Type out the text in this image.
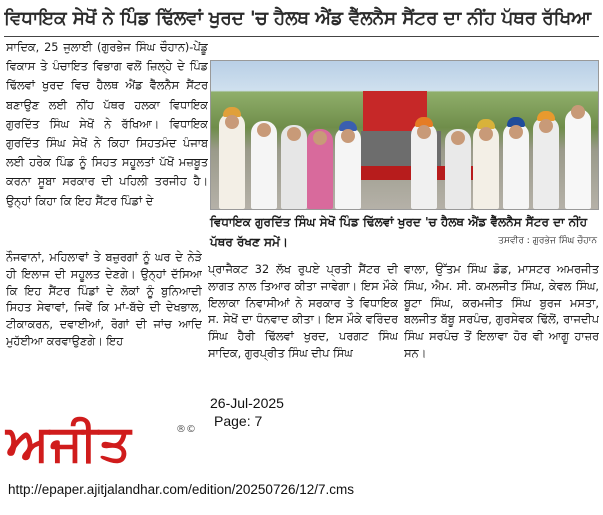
ਵਿਧਾਇਕ ਸੇਖੋਂ ਨੇ ਪਿੰਡ ਢਿੱਲਵਾਂ ਖੁਰਦ 'ਚ ਹੈਲਥ ਐਂਡ ਵੈੱਲਨੈਸ ਸੈਂਟਰ ਦਾ ਨੀਂਹ ਪੱਥਰ ਰੱਖਿਆ

ਸਾਦਿਕ, 25 ਜੁਲਾਈ (ਗੁਰਭੇਜ ਸਿੰਘ ਚੌਹਾਨ)-ਪੇਂਡੂ ਵਿਕਾਸ ਤੇ ਪੰਚਾਇਤ ਵਿਭਾਗ ਵਲੋਂ ਜ਼ਿਲ੍ਹੇ ਦੇ ਪਿੰਡ ਢਿੱਲਵਾਂ ਖੁਰਦ ਵਿਚ ਹੈਲਥ ਐਂਡ ਵੈੱਲਨੈਸ ਸੈਂਟਰ ਬਣਾਉਣ ਲਈ ਨੀਂਹ ਪੱਥਰ ਹਲਕਾ ਵਿਧਾਇਕ ਗੁਰਦਿੱਤ ਸਿੰਘ ਸੇਖੋਂ ਨੇ ਰੱਖਿਆ। ਵਿਧਾਇਕ ਗੁਰਦਿੱਤ ਸਿੰਘ ਸੇਖੋਂ ਨੇ ਕਿਹਾ ਸਿਹਤਮੰਦ ਪੰਜਾਬ ਲਈ ਹਰੇਕ ਪਿੰਡ ਨੂੰ ਸਿਹਤ ਸਹੂਲਤਾਂ ਪੱਖੋਂ ਮਜ਼ਬੂਤ ਕਰਨਾ ਸੂਬਾ ਸਰਕਾਰ ਦੀ ਪਹਿਲੀ ਤਰਜੀਹ ਹੈ। ਉਨ੍ਹਾਂ ਕਿਹਾ ਕਿ ਇਹ ਸੈਂਟਰ ਪਿੰਡਾਂ ਦੇ

ਵਿਧਾਇਕ ਗੁਰਦਿੱਤ ਸਿੰਘ ਸੇਖੋਂ ਪਿੰਡ ਢਿੱਲਵਾਂ ਖੁਰਦ 'ਚ ਹੈਲਥ ਐਂਡ ਵੈੱਲਨੈਸ ਸੈਂਟਰ ਦਾ ਨੀਂਹ ਪੱਥਰ ਰੱਖਣ ਸਮੇਂ।	ਤਸਵੀਰ : ਗੁਰਭੇਜ ਸਿੰਘ ਚੌਹਾਨ
ਨੌਜਵਾਨਾਂ, ਮਹਿਲਾਵਾਂ ਤੇ ਬਜ਼ੁਰਗਾਂ ਨੂੰ ਘਰ ਦੇ ਨੇੜੇ ਹੀ ਇਲਾਜ ਦੀ ਸਹੂਲਤ ਦੇਣਗੇ। ਉਨ੍ਹਾਂ ਦੱਸਿਆ ਕਿ ਇਹ ਸੈਂਟਰ ਪਿੰਡਾਂ ਦੇ ਲੋਕਾਂ ਨੂੰ ਬੁਨਿਆਦੀ ਸਿਹਤ ਸੇਵਾਵਾਂ, ਜਿਵੇਂ ਕਿ ਮਾਂ-ਬੱਚੇ ਦੀ ਦੇਖਭਾਲ, ਟੀਕਾਕਰਨ, ਦਵਾਈਆਂ, ਰੋਗਾਂ ਦੀ ਜਾਂਚ ਆਦਿ ਮੁਹੱਈਆ ਕਰਵਾਉਣਗੇ। ਇਹ
ਪ੍ਰਾਜੈਕਟ 32 ਲੱਖ ਰੁਪਏ ਪ੍ਰਤੀ ਸੈਂਟਰ ਦੀ ਲਾਗਤ ਨਾਲ ਤਿਆਰ ਕੀਤਾ ਜਾਵੇਗਾ। ਇਸ ਮੌਕੇ ਇਲਾਕਾ ਨਿਵਾਸੀਆਂ ਨੇ ਸਰਕਾਰ ਤੇ ਵਿਧਾਇਕ ਸ. ਸੇਖੋਂ ਦਾ ਧੰਨਵਾਦ ਕੀਤਾ। ਇਸ ਮੌਕੇ ਵਰਿੰਦਰ ਸਿੰਘ ਹੈਰੀ ਢਿੱਲਵਾਂ ਖੁਰਦ, ਪਰਗਟ ਸਿੰਘ ਸਾਦਿਕ, ਗੁਰਪ੍ਰੀਤ ਸਿੰਘ ਦੀਪ ਸਿੰਘ
ਵਾਲਾ, ਉੱਤਮ ਸਿੰਘ ਡੋਡ, ਮਾਸਟਰ ਅਮਰਜੀਤ ਸਿੰਘ, ਐਮ. ਸੀ. ਕਮਲਜੀਤ ਸਿੰਘ, ਕੇਵਲ ਸਿੰਘ, ਬੂਟਾ ਸਿੰਘ, ਕਰਮਜੀਤ ਸਿੰਘ ਬੁਰਜ ਮਸਤਾ, ਬਲਜੀਤ ਬੱਬੂ ਸਰਪੰਚ, ਗੁਰਸੇਵਕ ਢਿੱਲੋਂ, ਰਾਜਦੀਪ ਸਿੰਘ ਸਰਪੰਚ ਤੋਂ ਇਲਾਵਾ ਹੋਰ ਵੀ ਆਗੂ ਹਾਜ਼ਰ ਸਨ।
ਅਜੀਤ	®©
26-Jul-2025
Page: 7
http://epaper.ajitjalandhar.com/edition/20250726/12/7.cms
